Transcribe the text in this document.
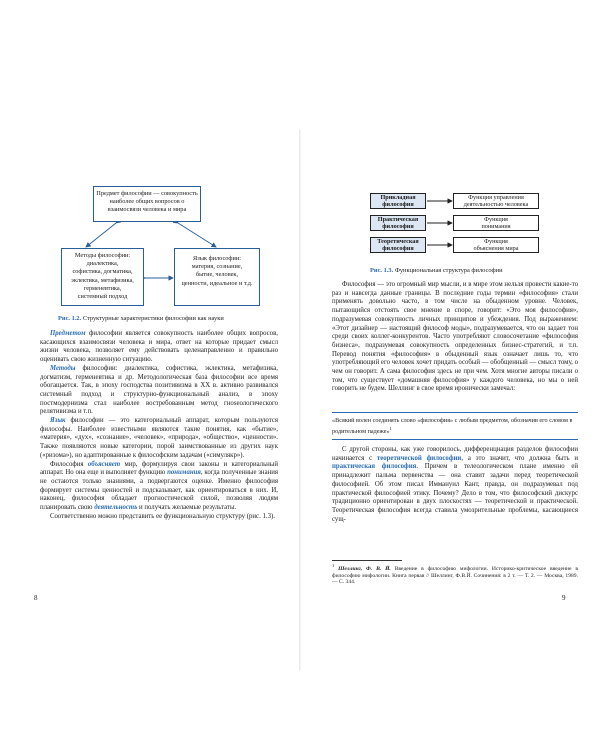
Предмет философии — совокупность
наиболее общих вопросов о
взаимосвязи человека и мира
Методы философии:
диалектика,
софистика, догматика,
эклектика, метафизика,
герменевтика,
системный подход
Язык философии:
материя, сознание,
бытие, человек,
ценности, идеальное и т.д.
Рис. 1.2. Структурные характеристики философии как науки

Предметом философии является совокупность наиболее общих вопросов, касающихся взаимосвязи человека и мира, ответ на которые придает смысл жизни человека, позволяет ему действовать целенаправленно и правильно оценивать свою жизненную ситуацию.

Методы философии: диалектика, софистика, эклектика, метафизика, догматизм, герменевтика и др. Методологическая база философии все время обогащается. Так, в эпоху господства позитивизма в XX в. активно развивался системный подход и структурно-функциональный анализ, в эпоху постмодернизма стал наиболее востребованным метод гноseологического релятивизма и т.п.

Язык философии — это категориальный аппарат, которым пользуются философы. Наиболее известными являются такие понятия, как «бытие», «материя», «дух», «сознание», «человек», «природа», «общество», «ценности». Также появляются новые категории, порой заимствованные из других наук («ризома»), но адаптированные к философским задачам («симулякр»).

Философия объясняет мир, формулируя свои законы и категориальный аппарат. Но она еще и выполняет функцию понимания, когда полученные знания не остаются только знаниями, а подвергаются оценке. Именно философия формирует системы ценностей и подсказывает, как ориентироваться в них. И, наконец, философия обладает прогностической силой, позволяя людям планировать свою деятельность и получать желаемые результаты.

Соответственно можно представить ее функциональную структуру (рис. 1.3).

8
Прикладная
философия
Функция управления
деятельностью человека
Практическая
философия
Функция
понимания
Теоретическая
философия
Функция
объяснения мира
Рис. 1.3. Функциональная структура философии

Философия — это огромный мир мысли, и в мире этом нельзя провести какие-то раз и навсегда данные границы. В последние годы термин «философия» стали применять довольно часто, в том числе на обыденном уровне. Человек, пытающийся отстоять свое мнение в споре, говорит: «Это моя философия», подразумевая совокупность личных принципов и убеждения. Под выражением: «Этот дизайнер — настоящий философ моды», подразумевается, что он задает тон среди своих коллег-конкурентов. Часто употребляют словосочетание «философия бизнеса», подразумевая совокупность определенных бизнес-стратегий, и т.п. Перевод понятия «философия» в обыденный язык означает лишь то, что употребляющий его человек хочет придать особый — обобщенный — смысл тому, о чем он говорит. А сама философия здесь не при чем. Хотя многие авторы писали о том, что существует «домашняя философия» у каждого человека, но мы о ней говорить не будем. Шеллинг в свое время иронически замечал:

«Всякий волен соединять слово «философия» с любым предметом, обозначив его словом в родительном падеже»$^1$

С другой стороны, как уже говорилось, дифференциация разделов философии начинается с теоретической философии, а это значит, что должна быть и практическая философия. Причем в телеологическом плане именно ей принадлежит пальма первенства — она ставит задачи перед теоретической философией. Об этом писал Иммануил Кант, правда, он подразумевал под практической философией этику. Почему? Дело в том, что философский дискурс традиционно ориентирован в двух плоскостях — теоретической и практической. Теоретическая философия всегда ставила умозрительные проблемы, касающиеся сущ-

$^1$ Шеллинг, Ф. В. Й. Введение в философию мифологии. Историко-критическое введение в философию мифологии. Книга первая // Шеллинг, Ф.В.Й. Сочинения: в 2 т. — Т. 2. — Москва, 1989. — С. 344.
9
